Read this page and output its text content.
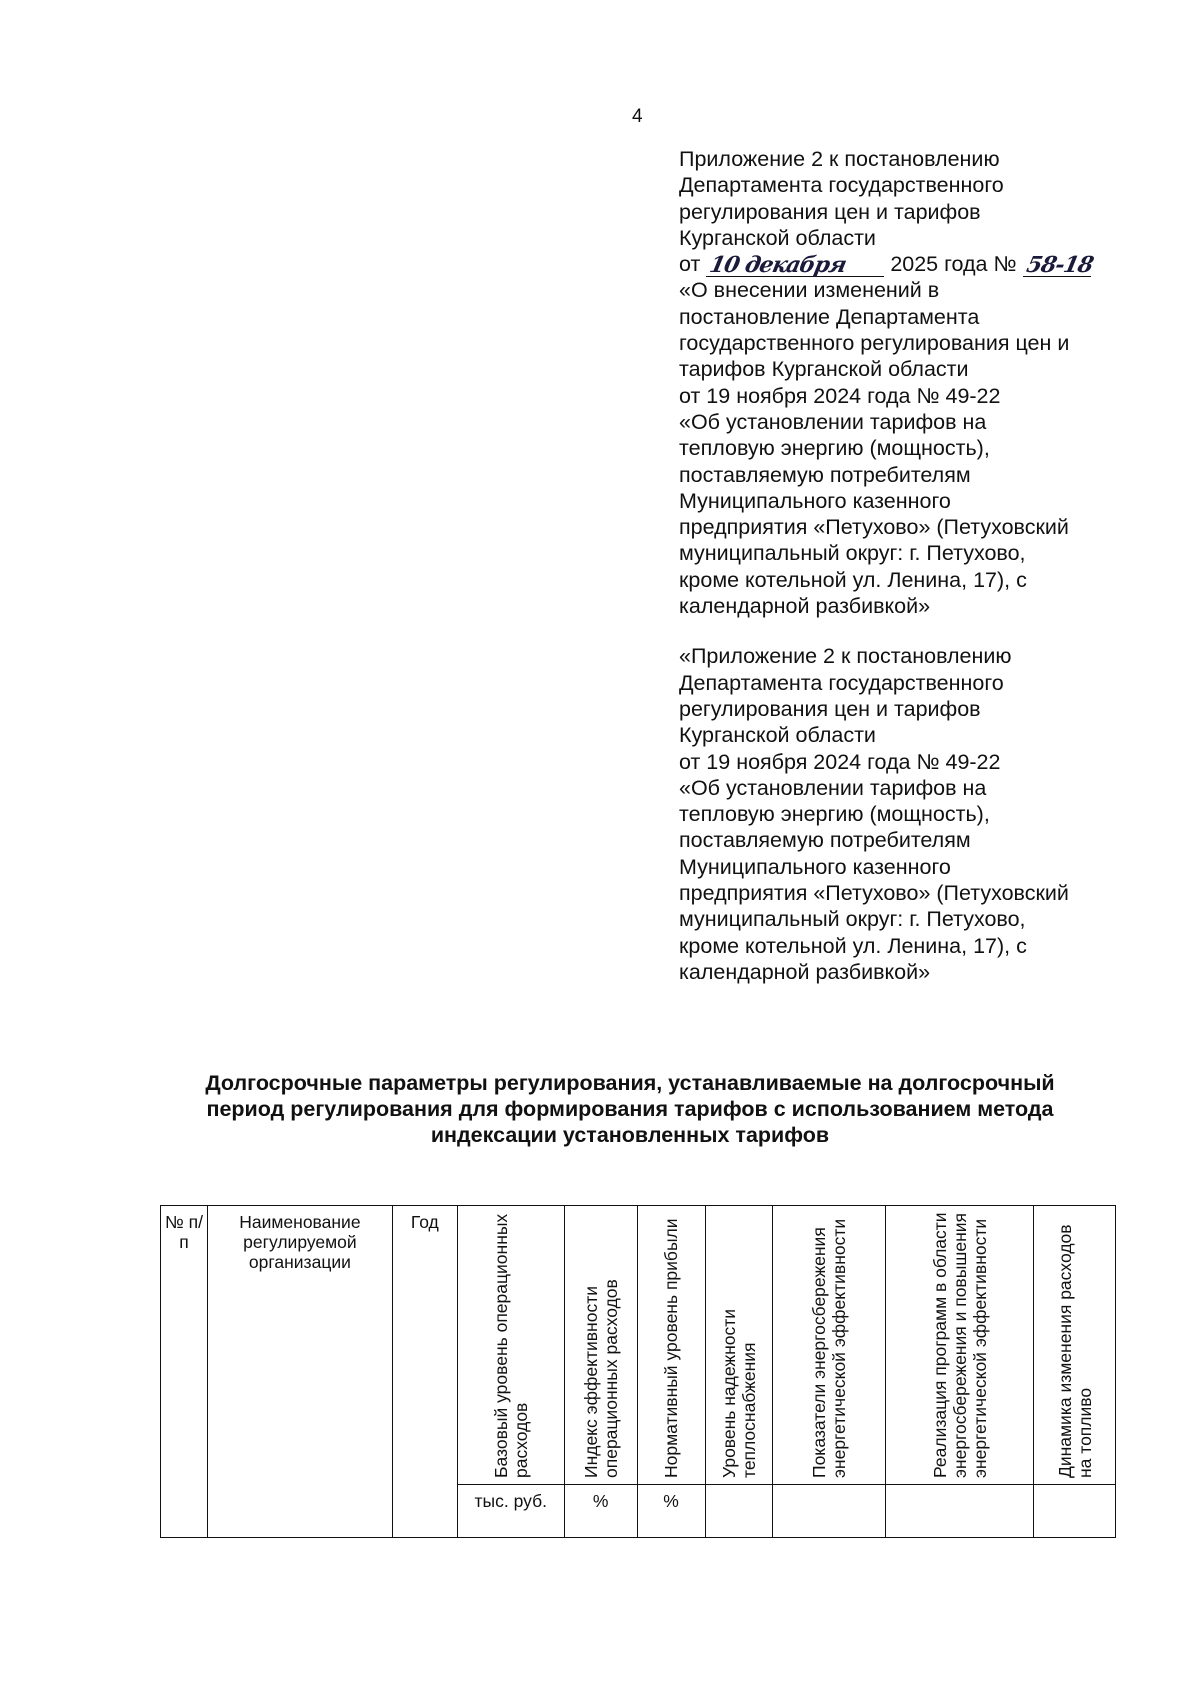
4
Приложение 2 к постановлению
Департамента государственного
регулирования цен и тарифов
Курганской области
от 10 декабря 2025 года № 58-18
«О внесении изменений в
постановление Департамента
государственного регулирования цен и
тарифов Курганской области
от 19 ноября 2024 года № 49-22
«Об установлении тарифов на
тепловую энергию (мощность),
поставляемую потребителям
Муниципального казенного
предприятия «Петухово» (Петуховский
муниципальный округ: г. Петухово,
кроме котельной ул. Ленина, 17), с
календарной разбивкой»
«Приложение 2 к постановлению
Департамента государственного
регулирования цен и тарифов
Курганской области
от 19 ноября 2024 года № 49-22
«Об установлении тарифов на
тепловую энергию (мощность),
поставляемую потребителям
Муниципального казенного
предприятия «Петухово» (Петуховский
муниципальный округ: г. Петухово,
кроме котельной ул. Ленина, 17), с
календарной разбивкой»
Долгосрочные параметры регулирования, устанавливаемые на долгосрочный
период регулирования для формирования тарифов с использованием метода
индексации установленных тарифов
№ п/п	Наименование регулируемой организации	Год	Базовый уровень операционных расходов	Индекс эффективности операционных расходов	Нормативный уровень прибыли	Уровень надежности теплоснабжения	Показатели энергосбережения энергетической эффективности	Реализация программ в области энергосбережения и повышения энергетической эффективности	Динамика изменения расходов на топливо

			тыс. руб.	%	%				
